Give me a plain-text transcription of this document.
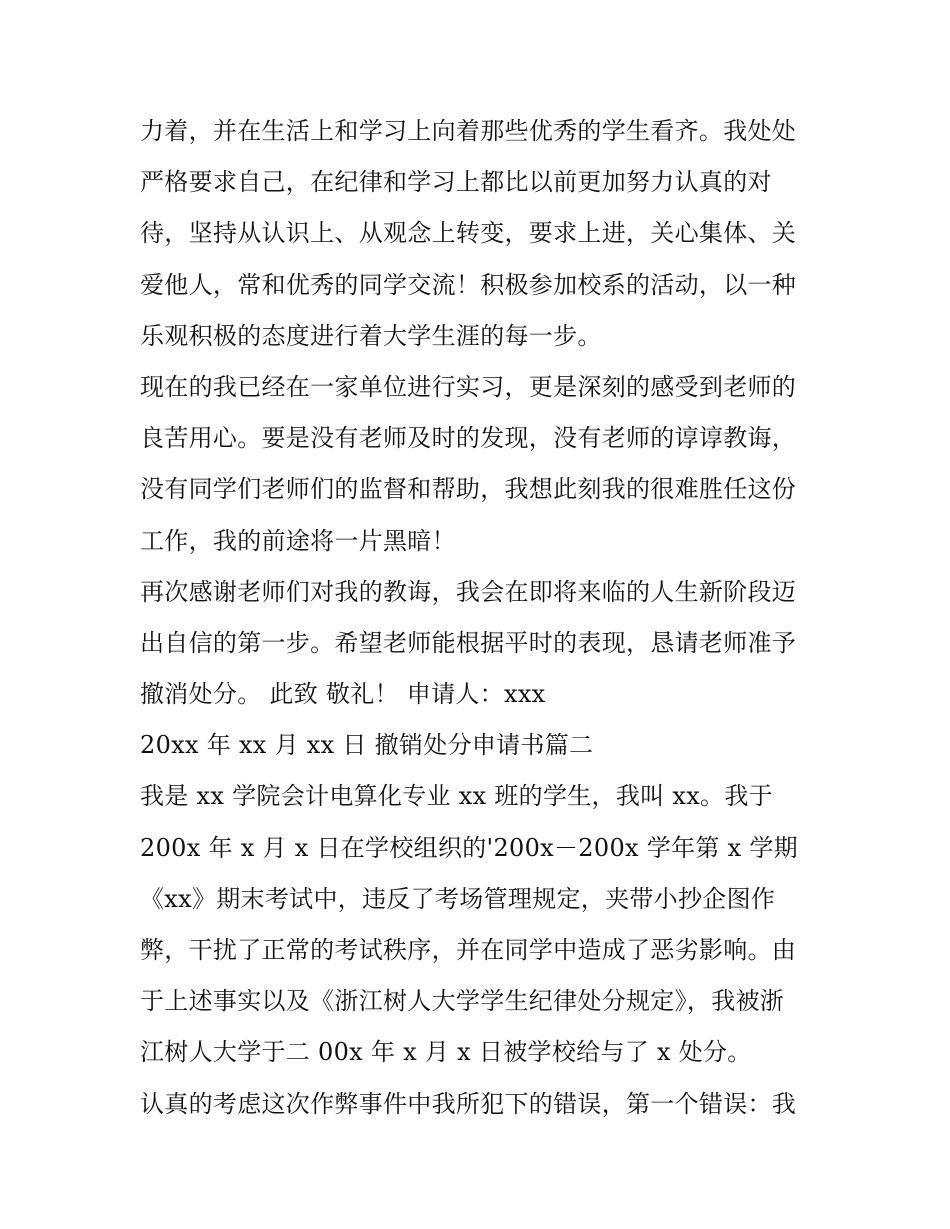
力着，并在生活上和学习上向着那些优秀的学生看齐。我处处
严格要求自己，在纪律和学习上都比以前更加努力认真的对
待，坚持从认识上、从观念上转变，要求上进，关心集体、关
爱他人，常和优秀的同学交流！积极参加校系的活动，以一种
乐观积极的态度进行着大学生涯的每一步。
现在的我已经在一家单位进行实习，更是深刻的感受到老师的
良苦用心。要是没有老师及时的发现，没有老师的谆谆教诲，
没有同学们老师们的监督和帮助，我想此刻我的很难胜任这份
工作，我的前途将一片黑暗！
再次感谢老师们对我的教诲，我会在即将来临的人生新阶段迈
出自信的第一步。希望老师能根据平时的表现，恳请老师准予
撤消处分。 此致 敬礼！ 申请人：xxx
20xx 年 xx 月 xx 日 撤销处分申请书篇二
我是 xx 学院会计电算化专业 xx 班的学生，我叫 xx。我于
200x 年 x 月 x 日在学校组织的'200x－200x 学年第 x 学期
《xx》期末考试中，违反了考场管理规定，夹带小抄企图作
弊，干扰了正常的考试秩序，并在同学中造成了恶劣影响。由
于上述事实以及《浙江树人大学学生纪律处分规定》，我被浙
江树人大学于二 00x 年 x 月 x 日被学校给与了 x 处分。
认真的考虑这次作弊事件中我所犯下的错误，第一个错误：我
